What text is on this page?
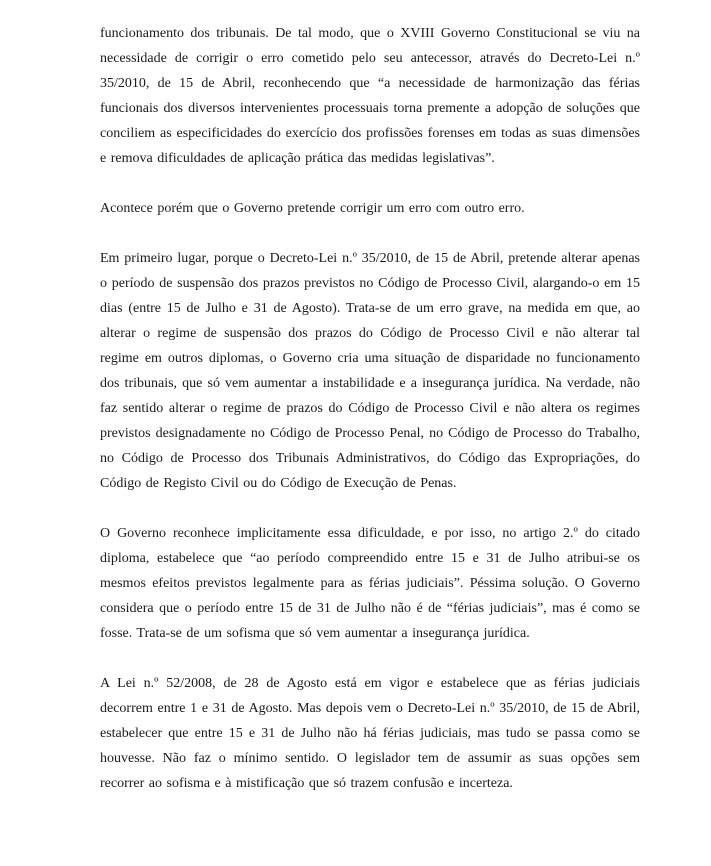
funcionamento dos tribunais. De tal modo, que o XVIII Governo Constitucional se viu na necessidade de corrigir o erro cometido pelo seu antecessor, através do Decreto-Lei n.º 35/2010, de 15 de Abril, reconhecendo que “a necessidade de harmonização das férias funcionais dos diversos intervenientes processuais torna premente a adopção de soluções que conciliem as especificidades do exercício dos profissões forenses em todas as suas dimensões e remova dificuldades de aplicação prática das medidas legislativas”.

Acontece porém que o Governo pretende corrigir um erro com outro erro.

Em primeiro lugar, porque o Decreto-Lei n.º 35/2010, de 15 de Abril, pretende alterar apenas o período de suspensão dos prazos previstos no Código de Processo Civil, alargando-o em 15 dias (entre 15 de Julho e 31 de Agosto). Trata-se de um erro grave, na medida em que, ao alterar o regime de suspensão dos prazos do Código de Processo Civil e não alterar tal regime em outros diplomas, o Governo cria uma situação de disparidade no funcionamento dos tribunais, que só vem aumentar a instabilidade e a insegurança jurídica. Na verdade, não faz sentido alterar o regime de prazos do Código de Processo Civil e não altera os regimes previstos designadamente no Código de Processo Penal, no Código de Processo do Trabalho, no Código de Processo dos Tribunais Administrativos, do Código das Expropriações, do Código de Registo Civil ou do Código de Execução de Penas.

O Governo reconhece implicitamente essa dificuldade, e por isso, no artigo 2.º do citado diploma, estabelece que “ao período compreendido entre 15 e 31 de Julho atribui-se os mesmos efeitos previstos legalmente para as férias judiciais”. Péssima solução. O Governo considera que o período entre 15 de 31 de Julho não é de “férias judiciais”, mas é como se fosse. Trata-se de um sofisma que só vem aumentar a insegurança jurídica.

A Lei n.º 52/2008, de 28 de Agosto está em vigor e estabelece que as férias judiciais decorrem entre 1 e 31 de Agosto. Mas depois vem o Decreto-Lei n.º 35/2010, de 15 de Abril, estabelecer que entre 15 e 31 de Julho não há férias judiciais, mas tudo se passa como se houvesse. Não faz o mínimo sentido. O legislador tem de assumir as suas opções sem recorrer ao sofisma e à mistificação que só trazem confusão e incerteza.
